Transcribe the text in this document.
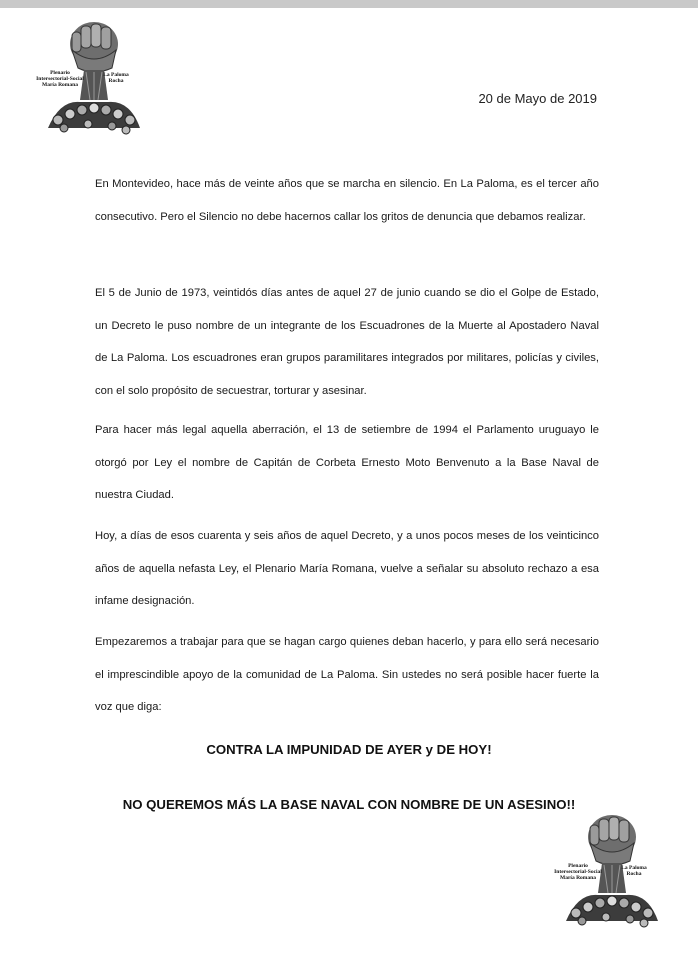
Plenario Intersectorial-Social María Romana
La Paloma Rocha
20 de Mayo de 2019
En Montevideo, hace más de veinte años que se marcha en silencio. En La Paloma, es el tercer año consecutivo. Pero el Silencio no debe hacernos callar los gritos de denuncia que debamos realizar.
El 5 de Junio de 1973, veintidós días antes de aquel 27 de junio cuando se dio el Golpe de Estado, un Decreto le puso nombre de un integrante de los Escuadrones de la Muerte al Apostadero Naval de La Paloma. Los escuadrones eran grupos paramilitares integrados por militares, policías y civiles, con el solo propósito de secuestrar, torturar y asesinar.
Para hacer más legal aquella aberración, el 13 de setiembre de 1994 el Parlamento uruguayo le otorgó por Ley el nombre de Capitán de Corbeta Ernesto Moto Benvenuto a la Base Naval de nuestra Ciudad.
Hoy, a días de esos cuarenta y seis años de aquel Decreto, y a unos pocos meses de los veinticinco años de aquella nefasta Ley, el Plenario María Romana, vuelve a señalar su absoluto rechazo a esa infame designación.
Empezaremos a trabajar para que se hagan cargo quienes deban hacerlo, y para ello será necesario el imprescindible apoyo de la comunidad de La Paloma. Sin ustedes no será posible hacer fuerte la voz que diga:
CONTRA LA IMPUNIDAD DE AYER y DE HOY!
NO QUEREMOS MÁS LA BASE NAVAL CON NOMBRE DE UN ASESINO!!
Plenario Intersectorial-Social María Romana
La Paloma Rocha
